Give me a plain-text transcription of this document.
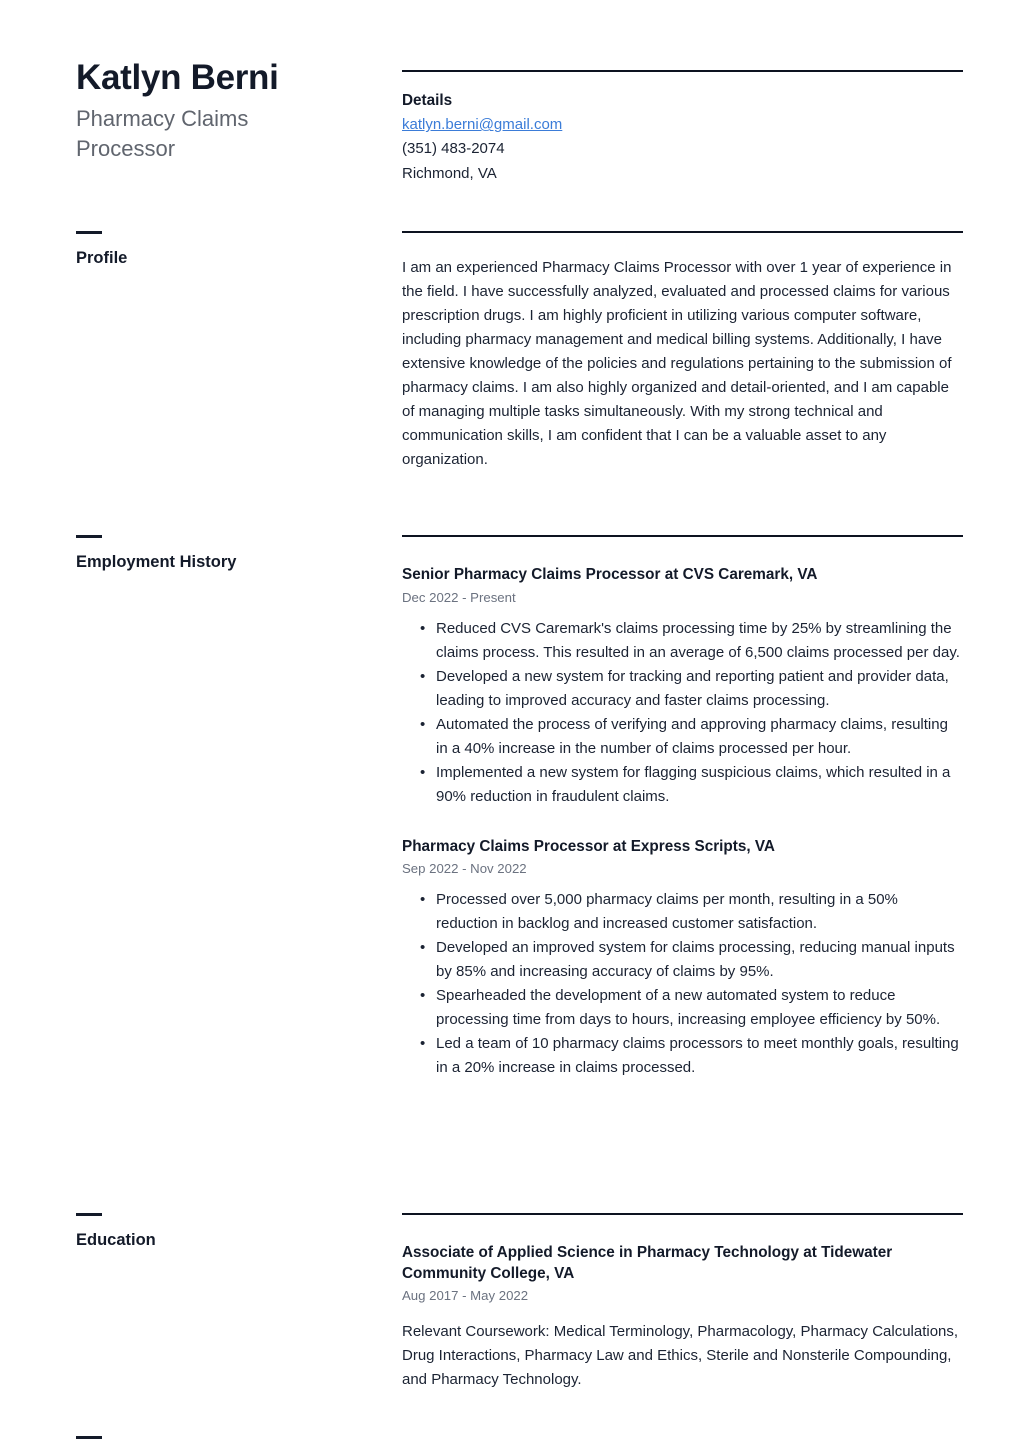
Katlyn Berni
Pharmacy Claims Processor
Details
katlyn.berni@gmail.com
(351) 483-2074
Richmond, VA
Profile

I am an experienced Pharmacy Claims Processor with over 1 year of experience in the field. I have successfully analyzed, evaluated and processed claims for various prescription drugs. I am highly proficient in utilizing various computer software, including pharmacy management and medical billing systems. Additionally, I have extensive knowledge of the policies and regulations pertaining to the submission of pharmacy claims. I am also highly organized and detail-oriented, and I am capable of managing multiple tasks simultaneously. With my strong technical and communication skills, I am confident that I can be a valuable asset to any organization.

Employment History
Senior Pharmacy Claims Processor at CVS Caremark, VA
Dec 2022 - Present
• Reduced CVS Caremark's claims processing time by 25% by streamlining the claims process. This resulted in an average of 6,500 claims processed per day.
• Developed a new system for tracking and reporting patient and provider data, leading to improved accuracy and faster claims processing.
• Automated the process of verifying and approving pharmacy claims, resulting in a 40% increase in the number of claims processed per hour.
• Implemented a new system for flagging suspicious claims, which resulted in a 90% reduction in fraudulent claims.
Pharmacy Claims Processor at Express Scripts, VA
Sep 2022 - Nov 2022
• Processed over 5,000 pharmacy claims per month, resulting in a 50% reduction in backlog and increased customer satisfaction.
• Developed an improved system for claims processing, reducing manual inputs by 85% and increasing accuracy of claims by 95%.
• Spearheaded the development of a new automated system to reduce processing time from days to hours, increasing employee efficiency by 50%.
• Led a team of 10 pharmacy claims processors to meet monthly goals, resulting in a 20% increase in claims processed.
Education
Associate of Applied Science in Pharmacy Technology at Tidewater Community College, VA
Aug 2017 - May 2022

Relevant Coursework: Medical Terminology, Pharmacology, Pharmacy Calculations, Drug Interactions, Pharmacy Law and Ethics, Sterile and Nonsterile Compounding, and Pharmacy Technology.
